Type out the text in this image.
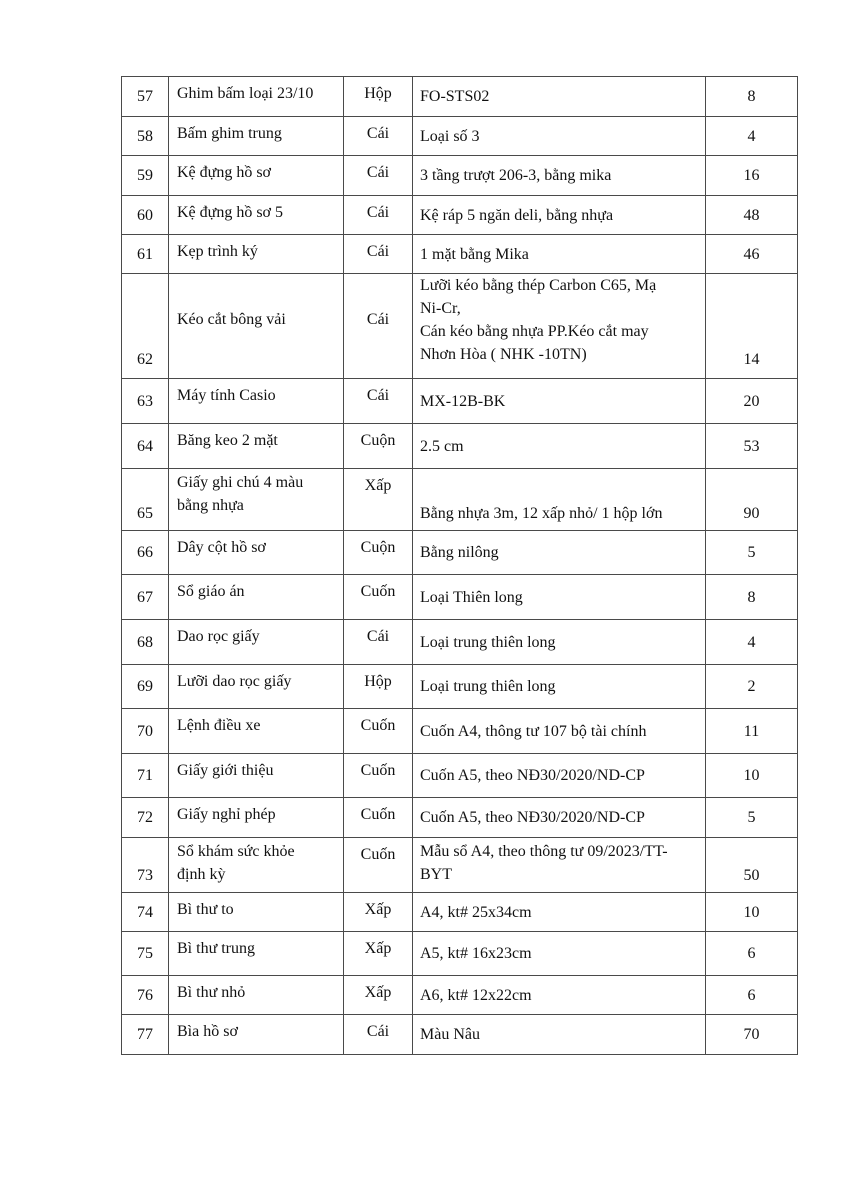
57	Ghim bấm loại 23/10	Hộp	FO-STS02	8
58	Bấm ghim trung	Cái	Loại số 3	4
59	Kệ đựng hồ sơ	Cái	3 tầng trượt 206-3, bằng mika	16
60	Kệ đựng hồ sơ 5	Cái	Kệ ráp 5 ngăn deli, bằng nhựa	48
61	Kẹp trình ký	Cái	1 mặt bằng Mika	46
62	Kéo cắt bông vải	Cái	Lưỡi kéo bằng thép Carbon C65, Mạ
Ni-Cr,
Cán kéo bằng nhựa PP.Kéo cắt may
Nhơn Hòa ( NHK -10TN)	14
63	Máy tính Casio	Cái	MX-12B-BK	20
64	Băng keo 2 mặt	Cuộn	2.5 cm	53
65	Giấy ghi chú 4 màu
bằng nhựa	Xấp	Bằng nhựa 3m, 12 xấp nhỏ/ 1 hộp lớn	90
66	Dây cột hồ sơ	Cuộn	Bằng nilông	5
67	Sổ giáo án	Cuốn	Loại Thiên long	8
68	Dao rọc giấy	Cái	Loại trung thiên long	4
69	Lưỡi dao rọc giấy	Hộp	Loại trung thiên long	2
70	Lệnh điều xe	Cuốn	Cuốn A4, thông tư 107 bộ tài chính	11
71	Giấy giới thiệu	Cuốn	Cuốn A5, theo NĐ30/2020/ND-CP	10
72	Giấy nghỉ phép	Cuốn	Cuốn A5, theo NĐ30/2020/ND-CP	5
73	Sổ khám sức khỏe
định kỳ	Cuốn	Mẫu sổ A4, theo thông tư 09/2023/TT-
BYT	50
74	Bì thư to	Xấp	A4, kt# 25x34cm	10
75	Bì thư trung	Xấp	A5, kt# 16x23cm	6
76	Bì thư nhỏ	Xấp	A6, kt# 12x22cm	6
77	Bìa hồ sơ	Cái	Màu Nâu	70
